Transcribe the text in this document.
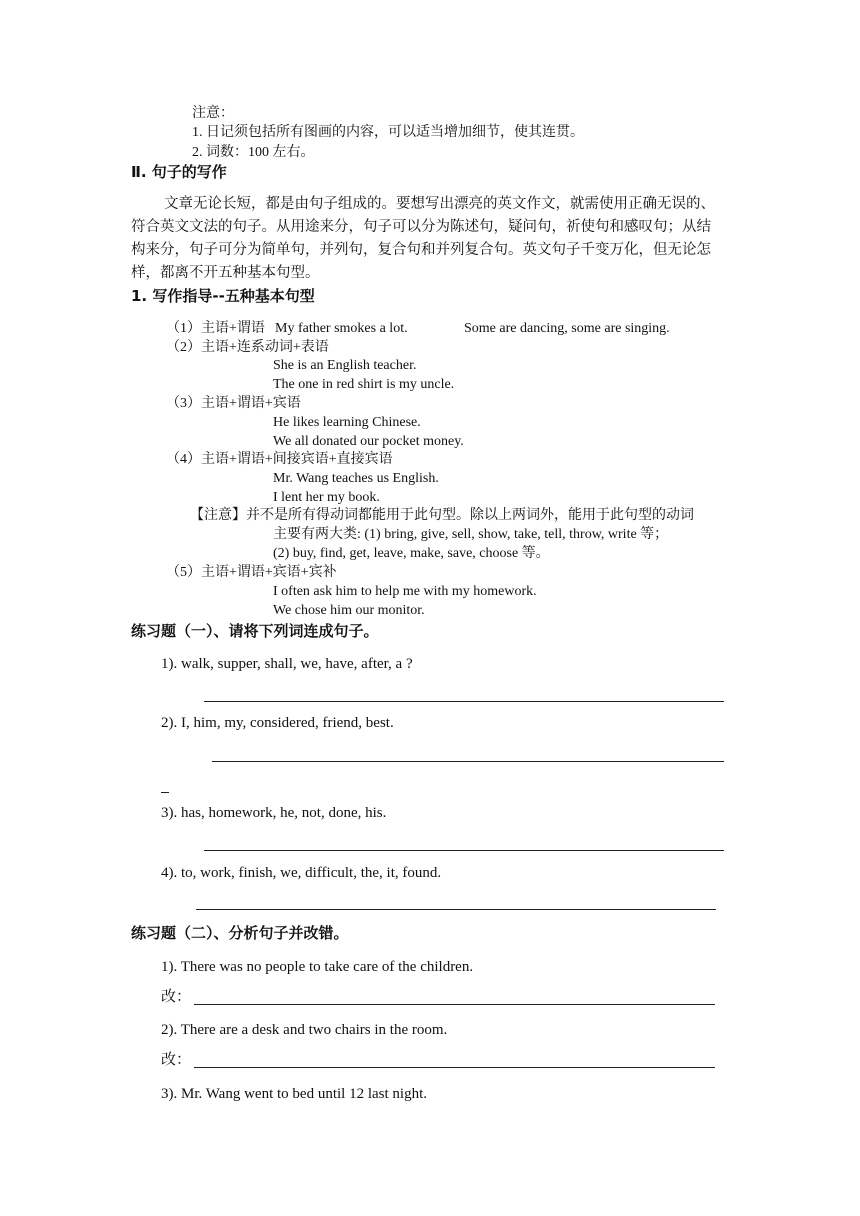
注意：
1. 日记须包括所有图画的内容，可以适当增加细节，使其连贯。
2. 词数：100 左右。
Ⅱ. 句子的写作
文章无论长短，都是由句子组成的。要想写出漂亮的英文作文，就需使用正确无误的、
符合英文文法的句子。从用途来分，句子可以分为陈述句，疑问句，祈使句和感叹句；从结
构来分，句子可分为简单句，并列句，复合句和并列复合句。英文句子千变万化，但无论怎
样，都离不开五种基本句型。
1. 写作指导--五种基本句型
（1）主语+谓语 My father smokes a lot.	Some are dancing, some are singing.
（2）主语+连系动词+表语
She is an English teacher.
The one in red shirt is my uncle.
（3）主语+谓语+宾语
He likes learning Chinese.
We all donated our pocket money.
（4）主语+谓语+间接宾语+直接宾语
Mr. Wang teaches us English.
I lent her my book.
【注意】并不是所有得动词都能用于此句型。除以上两词外，能用于此句型的动词
主要有两大类: (1) bring, give, sell, show, take, tell, throw, write 等；
(2) buy, find, get, leave, make, save, choose 等。
（5）主语+谓语+宾语+宾补
I often ask him to help me with my homework.
We chose him our monitor.
练习题（一）、请将下列词连成句子。
1). walk, supper, shall, we, have, after, a ?
2). I, him, my, considered, friend, best.
3). has, homework, he, not, done, his.
4). to, work, finish, we, difficult, the, it, found.
练习题（二）、分析句子并改错。
1). There was no people to take care of the children.
改：
2). There are a desk and two chairs in the room.
改：
3). Mr. Wang went to bed until 12 last night.
